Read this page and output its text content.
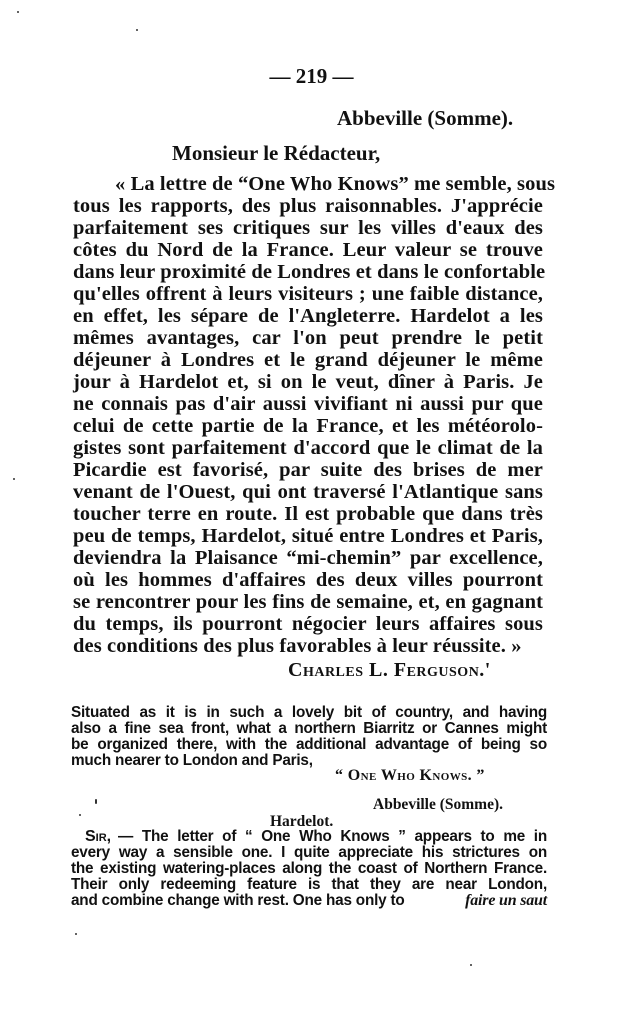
— 219 —
Abbeville (Somme).
Monsieur le Rédacteur,
« La lettre de “One Who Knows” me semble, sous
tous les rapports, des plus raisonnables. J'apprécie
parfaitement ses critiques sur les villes d'eaux des
côtes du Nord de la France. Leur valeur se trouve
dans leur proximité de Londres et dans le confortable
qu'elles offrent à leurs visiteurs ; une faible distance,
en effet, les sépare de l'Angleterre. Hardelot a les
mêmes avantages, car l'on peut prendre le petit
déjeuner à Londres et le grand déjeuner le même
jour à Hardelot et, si on le veut, dîner à Paris. Je
ne connais pas d'air aussi vivifiant ni aussi pur que
celui de cette partie de la France, et les météorolo-
gistes sont parfaitement d'accord que le climat de la
Picardie est favorisé, par suite des brises de mer
venant de l'Ouest, qui ont traversé l'Atlantique sans
toucher terre en route. Il est probable que dans très
peu de temps, Hardelot, situé entre Londres et Paris,
deviendra la Plaisance “mi-chemin” par excellence,
où les hommes d'affaires des deux villes pourront
se rencontrer pour les fins de semaine, et, en gagnant
du temps, ils pourront négocier leurs affaires sous
des conditions des plus favorables à leur réussite. »
Charles L. Ferguson.'
Situated as it is in such a lovely bit of country, and having
also a fine sea front, what a northern Biarritz or Cannes might
be organized there, with the additional advantage of being so
much nearer to London and Paris,
“ One Who Knows. ”
Abbeville (Somme).
Hardelot.
Sir, — The letter of “ One Who Knows ” appears to me in
every way a sensible one. I quite appreciate his strictures on
the existing watering-places along the coast of Northern France.
Their only redeeming feature is that they are near London,
and combine change with rest. One has only to	faire un saut
